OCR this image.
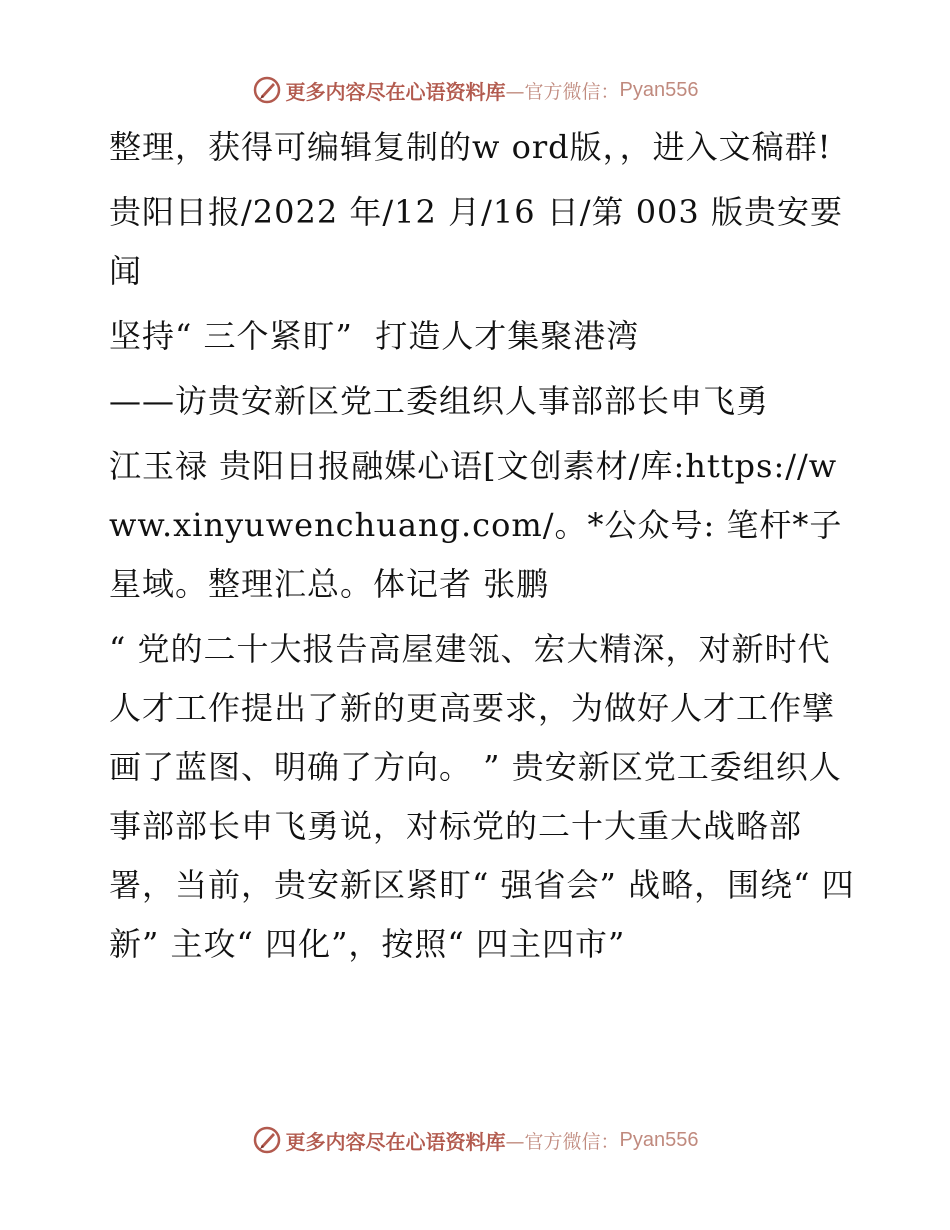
更多内容尽在心语资料库 —官方微信： Pyan556

整理，获得可编辑复制的w ord版，，进入文稿群!

贵阳日报/2022 年/12 月/16 日/第 003 版贵安要闻

坚持“ 三个紧盯”  打造人才集聚港湾

——访贵安新区党工委组织人事部部长申飞勇

江玉禄 贵阳日报融媒心语[文创素材/库:https://www.xinyuwenchuang.com/。*公众号: 笔杆*子星域。整理汇总。体记者 张鹏

“ 党的二十大报告高屋建瓴、宏大精深，对新时代人才工作提出了新的更高要求，为做好人才工作擘画了蓝图、明确了方向。 ” 贵安新区党工委组织人事部部长申飞勇说，对标党的二十大重大战略部署，当前，贵安新区紧盯“ 强省会” 战略，围绕“ 四新” 主攻“ 四化”，按照“ 四主四市”

更多内容尽在心语资料库 —官方微信： Pyan556
